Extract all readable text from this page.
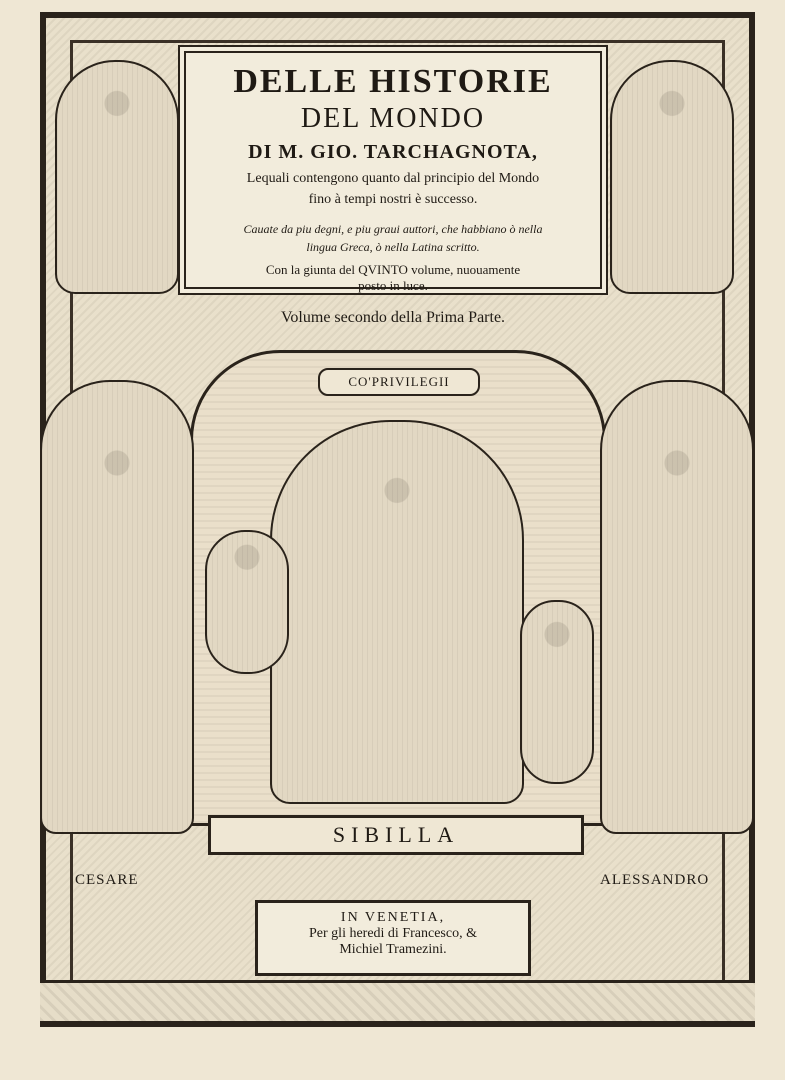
DELLE HISTORIE
DEL MONDO
DI M. GIO. TARCHAGNOTA,
Lequali contengono quanto dal principio del Mondo
fino à tempi nostri è successo.
Cauate da piu degni, e piu graui auttori, che habbiano ò nella
lingua Greca, ò nella Latina scritto.
Con la giunta del QVINTO volume, nuouamente
posto in luce.
Volume secondo della Prima Parte.
CO'PRIVILEGII
SIBILLA
CESARE	ALESSANDRO
IN VENETIA,
Per gli heredi di Francesco, &
Michiel Tramezini.
